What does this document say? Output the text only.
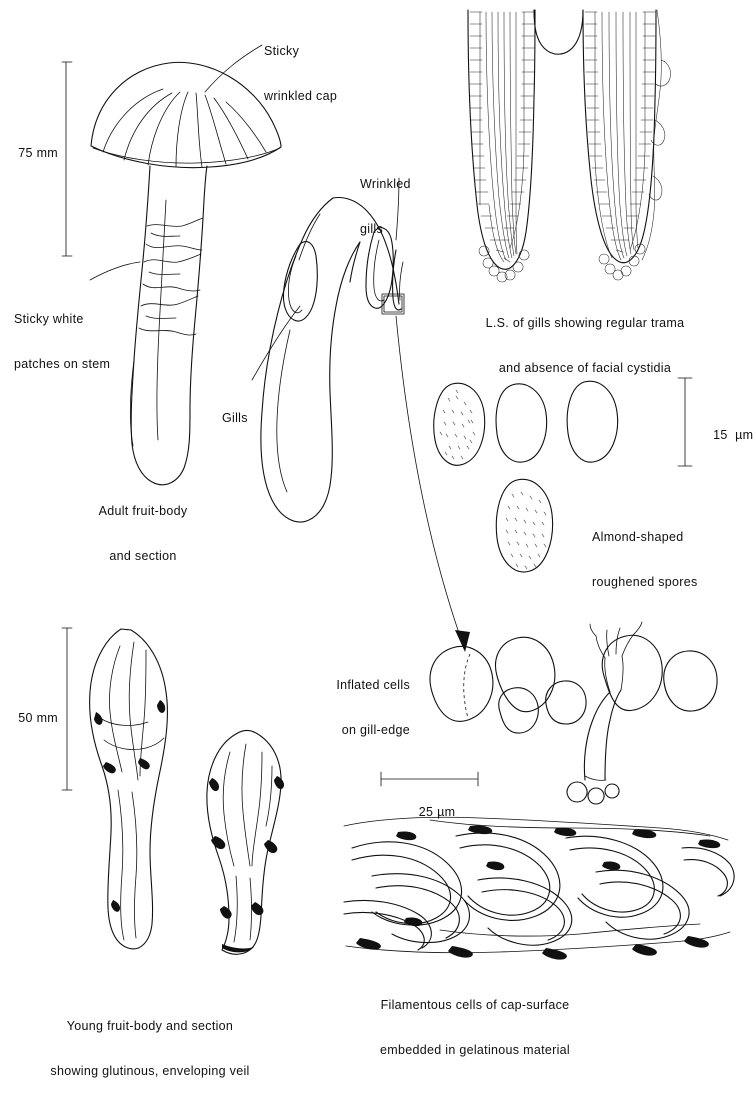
75 mm

15  µm

50 mm

25 µm

Sticky

wrinkled cap

Sticky white

patches on stem

Adult fruit-body

and section

Wrinkled

gills

Gills

L.S. of gills showing regular trama

and absence of facial cystidia

Almond-shaped

roughened spores

Inflated cells

on gill-edge

Filamentous cells of cap-surface

embedded in gelatinous material

Young fruit-body and section

showing glutinous, enveloping veil
